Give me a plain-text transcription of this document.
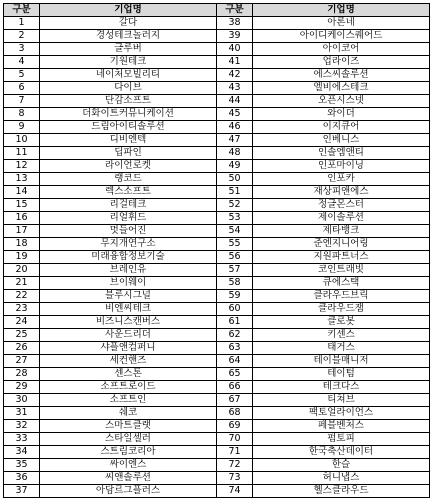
구분	기업명	구분	기업명
1	갈다	38	아론네
2	경성테크놀러지	39	아이디케이스퀘어드
3	글루버	40	아이코어
4	기원테크	41	업라이즈
5	네이처모빌리티	42	에스씨솔루션
6	다이브	43	엘비에스테크
7	단감소프트	44	오픈시스넷
8	더화이트커뮤니케이션	45	와이더
9	드림아이티솔루션	46	이지큐어
10	디비엔텍	47	인베니스
11	딥파인	48	인솔엠앤티
12	라이언로켓	49	인포마이닝
13	랭코드	50	인포카
14	렉스소프트	51	재상피앤에스
15	리걸테크	52	정글몬스터
16	리얼휘드	53	제이솔루션
17	멋들어진	54	제타뱅크
18	무지개연구소	55	준엔지니어링
19	미래융합정보기술	56	지원파트너스
20	브레인유	57	코인트래빗
21	브이웨이	58	큐에스택
22	블루시그널	59	클라우드브릭
23	비엔씨테크	60	클라우드잼
24	비즈니스캔버스	61	클로봇
25	사운드리더	62	키센스
26	샤플앤컴퍼니	63	태거스
27	세컨핸즈	64	테이블매니저
28	센스톤	65	테이텀
29	소프트로이드	66	테크다스
30	소프트인	67	티쳐브
31	쉐코	68	팩토얼라이언스
32	스마트클랫	69	페블벤처스
33	스타일셀러	70	펌토피
34	스트림코리아	71	한국축산데이터
35	싸이엔스	72	한슬
36	씨앤솔루션	73	허니냅스
37	아담르그플러스	74	헬스클라우드
